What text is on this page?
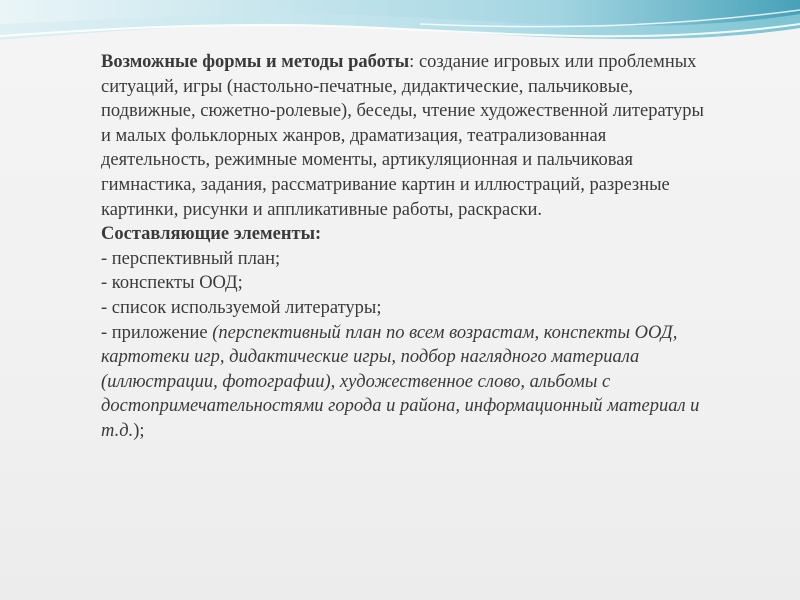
Возможные формы и методы работы: создание игровых или проблемных ситуаций, игры (настольно-печатные, дидактические, пальчиковые, подвижные, сюжетно-ролевые), беседы, чтение художественной литературы и малых фольклорных жанров, драматизация, театрализованная деятельность, режимные моменты, артикуляционная и пальчиковая гимнастика, задания, рассматривание картин и иллюстраций, разрезные картинки, рисунки и аппликативные работы, раскраски.

Составляющие элементы:

- перспективный план;

- конспекты ООД;

- список используемой литературы;

- приложение (перспективный план по всем возрастам, конспекты ООД, картотеки игр, дидактические игры, подбор наглядного материала (иллюстрации, фотографии), художественное слово, альбомы с достопримечательностями города и района, информационный материал и т.д.);
